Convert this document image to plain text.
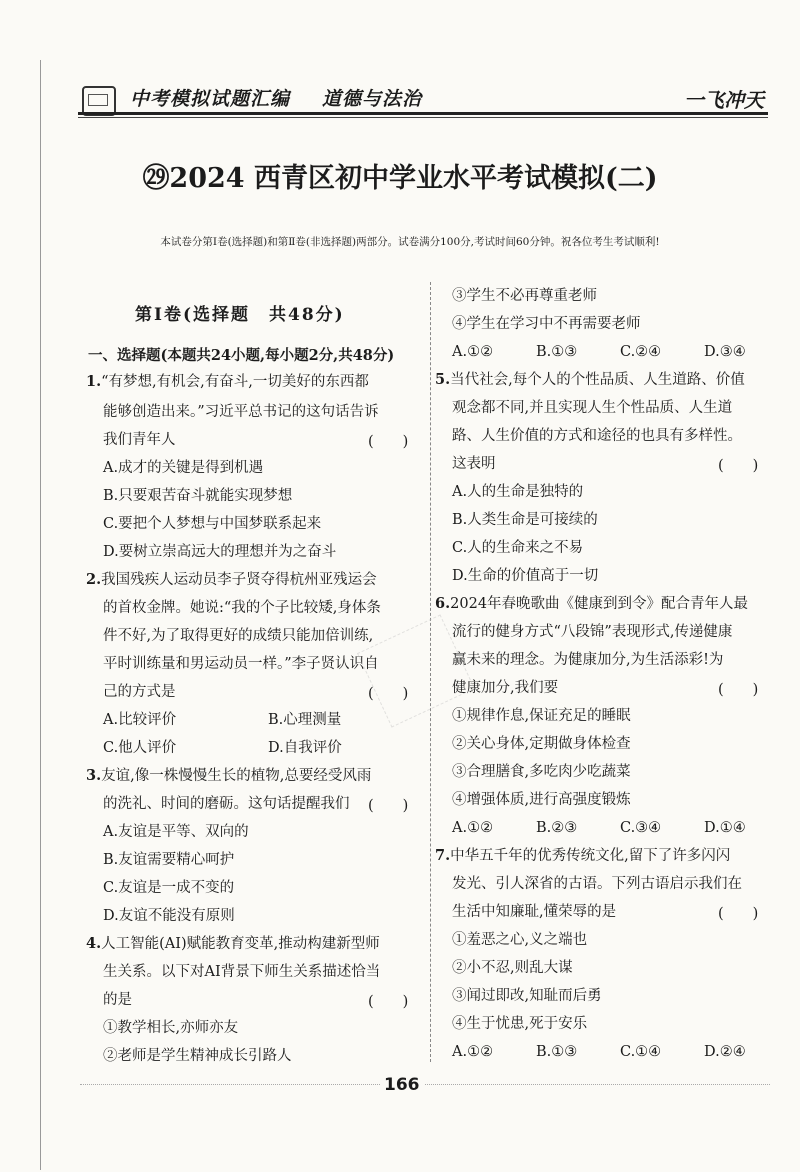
中考模拟试题汇编 道德与法治	一飞冲天
㉙2024 西青区初中学业水平考试模拟(二)
本试卷分第Ⅰ卷(选择题)和第Ⅱ卷(非选择题)两部分。试卷满分100分,考试时间60分钟。祝各位考生考试顺利!
第Ⅰ卷(选择题　共48分)
一、选择题(本题共24小题,每小题2分,共48分)
1.“有梦想,有机会,有奋斗,一切美好的东西都
能够创造出来。”习近平总书记的这句话告诉
我们青年人	(　　)
A.成才的关键是得到机遇
B.只要艰苦奋斗就能实现梦想
C.要把个人梦想与中国梦联系起来
D.要树立崇高远大的理想并为之奋斗
2.我国残疾人运动员李子贤夺得杭州亚残运会
的首枚金牌。她说:“我的个子比较矮,身体条
件不好,为了取得更好的成绩只能加倍训练,
平时训练量和男运动员一样。”李子贤认识自
己的方式是	(　　)
A.比较评价	B.心理测量
C.他人评价	D.自我评价
3.友谊,像一株慢慢生长的植物,总要经受风雨
的洗礼、时间的磨砺。这句话提醒我们 (　　)
A.友谊是平等、双向的
B.友谊需要精心呵护
C.友谊是一成不变的
D.友谊不能没有原则
4.人工智能(AI)赋能教育变革,推动构建新型师
生关系。以下对AI背景下师生关系描述恰当
的是	(　　)
①教学相长,亦师亦友
②老师是学生精神成长引路人
③学生不必再尊重老师
④学生在学习中不再需要老师
A.①②	B.①③	C.②④	D.③④
5.当代社会,每个人的个性品质、人生道路、价值
观念都不同,并且实现人生个性品质、人生道
路、人生价值的方式和途径的也具有多样性。
这表明	(　　)
A.人的生命是独特的
B.人类生命是可接续的
C.人的生命来之不易
D.生命的价值高于一切
6.2024年春晚歌曲《健康到到令》配合青年人最
流行的健身方式“八段锦”表现形式,传递健康
赢未来的理念。为健康加分,为生活添彩!为
健康加分,我们要	(　　)
①规律作息,保证充足的睡眠
②关心身体,定期做身体检查
③合理膳食,多吃肉少吃蔬菜
④增强体质,进行高强度锻炼
A.①②	B.②③	C.③④	D.①④
7.中华五千年的优秀传统文化,留下了许多闪闪
发光、引人深省的古语。下列古语启示我们在
生活中知廉耻,懂荣辱的是	(　　)
①羞恶之心,义之端也
②小不忍,则乱大谋
③闻过即改,知耻而后勇
④生于忧患,死于安乐
A.①②	B.①③	C.①④	D.②④
166
